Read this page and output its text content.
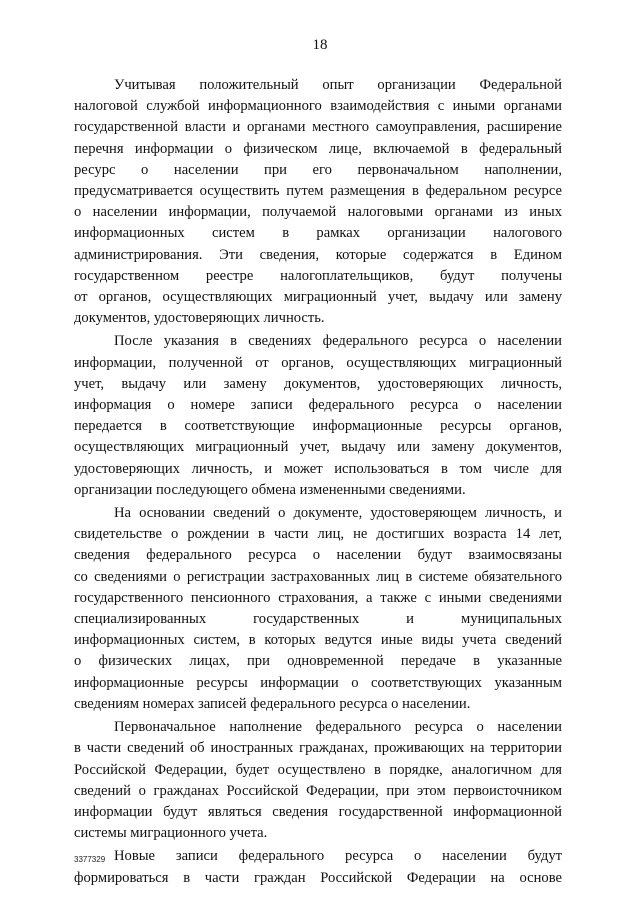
18

Учитывая положительный опыт организации Федеральной
налоговой службой информационного взаимодействия с иными органами
государственной власти и органами местного самоуправления, расширение
перечня информации о физическом лице, включаемой в федеральный
ресурс о населении при его первоначальном наполнении,
предусматривается осуществить путем размещения в федеральном ресурсе
о населении информации, получаемой налоговыми органами из иных
информационных систем в рамках организации налогового
администрирования. Эти сведения, которые содержатся в Едином
государственном реестре налогоплательщиков, будут получены
от органов, осуществляющих миграционный учет, выдачу или замену
документов, удостоверяющих личность.

После указания в сведениях федерального ресурса о населении
информации, полученной от органов, осуществляющих миграционный
учет, выдачу или замену документов, удостоверяющих личность,
информация о номере записи федерального ресурса о населении
передается в соответствующие информационные ресурсы органов,
осуществляющих миграционный учет, выдачу или замену документов,
удостоверяющих личность, и может использоваться в том числе для
организации последующего обмена измененными сведениями.

На основании сведений о документе, удостоверяющем личность, и
свидетельстве о рождении в части лиц, не достигших возраста 14 лет,
сведения федерального ресурса о населении будут взаимосвязаны
со сведениями о регистрации застрахованных лиц в системе обязательного
государственного пенсионного страхования, а также с иными сведениями
специализированных государственных и муниципальных
информационных систем, в которых ведутся иные виды учета сведений
о физических лицах, при одновременной передаче в указанные
информационные ресурсы информации о соответствующих указанным
сведениям номерах записей федерального ресурса о населении.

Первоначальное наполнение федерального ресурса о населении
в части сведений об иностранных гражданах, проживающих на территории
Российской Федерации, будет осуществлено в порядке, аналогичном для
сведений о гражданах Российской Федерации, при этом первоисточником
информации будут являться сведения государственной информационной
системы миграционного учета.

Новые записи федерального ресурса о населении будут
формироваться в части граждан Российской Федерации на основе

3377329
